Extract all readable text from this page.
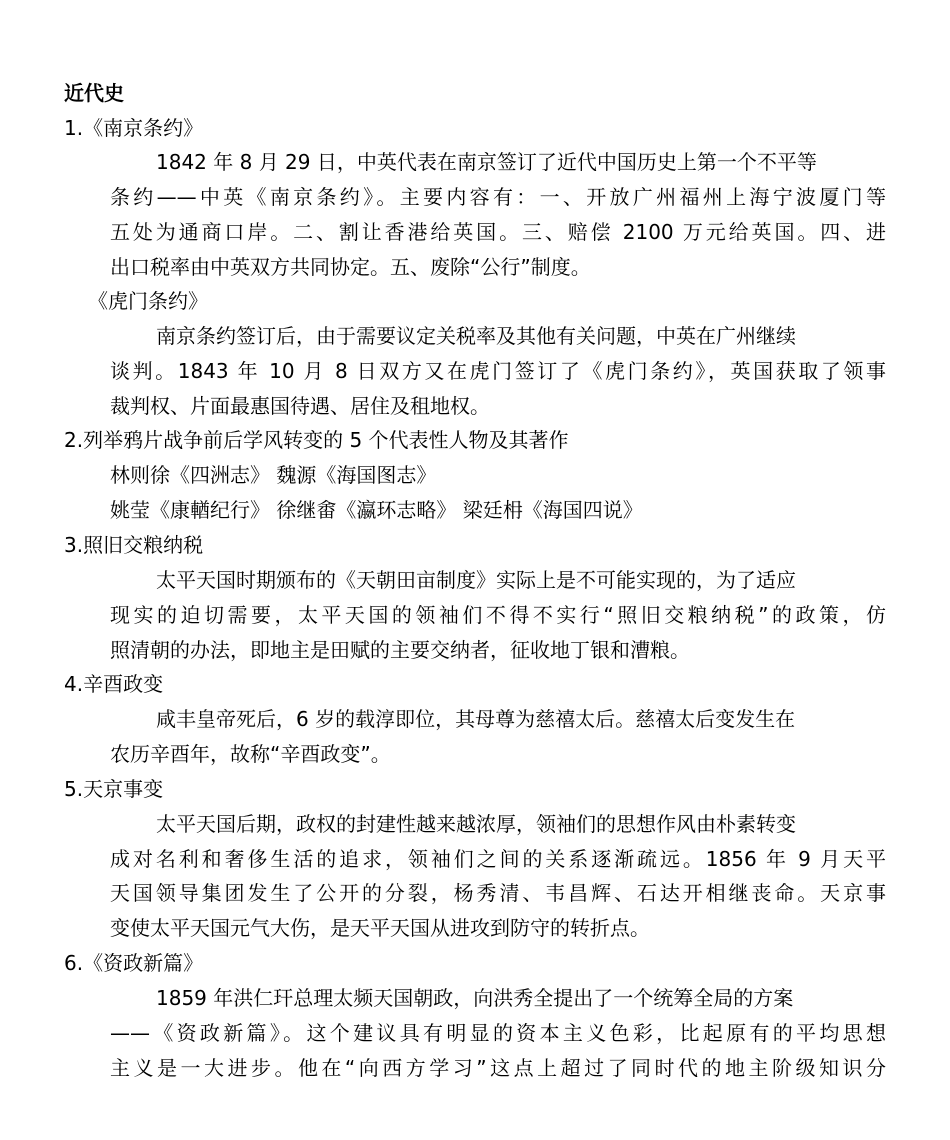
近代史
1.《南京条约》
1842 年 8 月 29 日，中英代表在南京签订了近代中国历史上第一个不平等
条约——中英《南京条约》。主要内容有：一、开放广州福州上海宁波厦门等
五处为通商口岸。二、割让香港给英国。三、赔偿 2100 万元给英国。四、进
出口税率由中英双方共同协定。五、废除“公行”制度。
《虎门条约》
南京条约签订后，由于需要议定关税率及其他有关问题，中英在广州继续
谈判。1843 年 10 月 8 日双方又在虎门签订了《虎门条约》，英国获取了领事
裁判权、片面最惠国待遇、居住及租地权。
2.列举鸦片战争前后学风转变的 5 个代表性人物及其著作
林则徐《四洲志》 魏源《海国图志》
姚莹《康輶纪行》 徐继畬《瀛环志略》 梁廷枏《海国四说》
3.照旧交粮纳税
太平天国时期颁布的《天朝田亩制度》实际上是不可能实现的，为了适应
现实的迫切需要，太平天国的领袖们不得不实行“照旧交粮纳税”的政策，仿
照清朝的办法，即地主是田赋的主要交纳者，征收地丁银和漕粮。
4.辛酉政变
咸丰皇帝死后，6 岁的载淳即位，其母尊为慈禧太后。慈禧太后变发生在
农历辛酉年，故称“辛酉政变”。
5.天京事变
太平天国后期，政权的封建性越来越浓厚，领袖们的思想作风由朴素转变
成对名利和奢侈生活的追求，领袖们之间的关系逐渐疏远。1856 年 9 月天平
天国领导集团发生了公开的分裂，杨秀清、韦昌辉、石达开相继丧命。天京事
变使太平天国元气大伤，是天平天国从进攻到防守的转折点。
6.《资政新篇》
1859 年洪仁玕总理太频天国朝政，向洪秀全提出了一个统筹全局的方案
——《资政新篇》。这个建议具有明显的资本主义色彩，比起原有的平均思想
主义是一大进步。他在“向西方学习”这点上超过了同时代的地主阶级知识分
